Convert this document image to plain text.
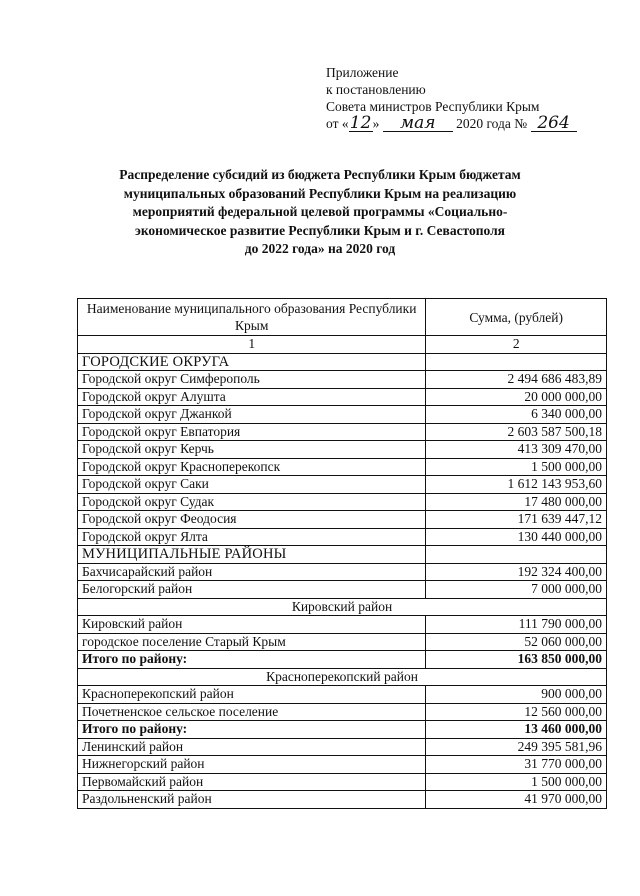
Приложение
к постановлению
Совета министров Республики Крым
от «12» мая 2020 года № 264
Распределение субсидий из бюджета Республики Крым бюджетам
муниципальных образований Республики Крым на реализацию
мероприятий федеральной целевой программы «Социально-
экономическое развитие Республики Крым и г. Севастополя
до 2022 года» на 2020 год
Наименование муниципального образования Республики Крым	Сумма, (рублей)
1	2
ГОРОДСКИЕ ОКРУГА	
Городской округ Симферополь	2 494 686 483,89
Городской округ Алушта	20 000 000,00
Городской округ Джанкой	6 340 000,00
Городской округ Евпатория	2 603 587 500,18
Городской округ Керчь	413 309 470,00
Городской округ Красноперекопск	1 500 000,00
Городской округ Саки	1 612 143 953,60
Городской округ Судак	17 480 000,00
Городской округ Феодосия	171 639 447,12
Городской округ Ялта	130 440 000,00
МУНИЦИПАЛЬНЫЕ РАЙОНЫ	
Бахчисарайский район	192 324 400,00
Белогорский район	7 000 000,00
Кировский район	
Кировский район	111 790 000,00
городское поселение Старый Крым	52 060 000,00
Итого по району:	163 850 000,00
Красноперекопский район	
Красноперекопский район	900 000,00
Почетненское сельское поселение	12 560 000,00
Итого по району:	13 460 000,00
Ленинский район	249 395 581,96
Нижнегорский район	31 770 000,00
Первомайский район	1 500 000,00
Раздольненский район	41 970 000,00
